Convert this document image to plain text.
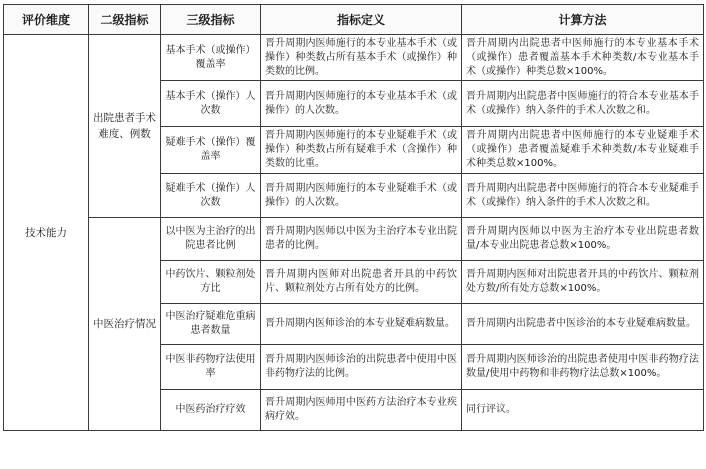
评价维度	二级指标	三级指标	指标定义	计算方法
技术能力	出院患者手术难度、例数	基本手术（或操作）覆盖率	晋升周期内医师施行的本专业基本手术（或操作）种类数占所有基本手术（或操作）种类数的比例。	晋升周期内出院患者中医师施行的本专业基本手术（或操作）患者覆盖基本手术种类数/本专业基本手术（或操作）种类总数×100%。
		基本手术（操作）人次数	晋升周期内医师施行的本专业基本手术（或操作）的人次数。	晋升周期内出院患者中医师施行的符合本专业基本手术（或操作）纳入条件的手术人次数之和。
		疑难手术（操作）覆盖率	晋升周期内医师施行的本专业疑难手术（或操作）种类数占所有疑难手术（含操作）种类数的比重。	晋升周期内出院患者中医师施行的本专业疑难手术（或操作）患者覆盖疑难手术种类数/本专业疑难手术种类总数×100%。
		疑难手术（操作）人次数	晋升周期内医师施行的本专业疑难手术（或操作）的人次数。	晋升周期内出院患者中医师施行的符合本专业疑难手术（或操作）纳入条件的手术人次数之和。
	中医治疗情况	以中医为主治疗的出院患者比例	晋升周期内医师以中医为主治疗本专业出院患者的比例。	晋升周期内医师以中医为主治疗本专业出院患者数量/本专业出院患者总数×100%。
		中药饮片、颗粒剂处方比	晋升周期内医师对出院患者开具的中药饮片、颗粒剂处方占所有处方的比例。	晋升周期内医师对出院患者开具的中药饮片、颗粒剂处方数/所有处方总数×100%。
		中医治疗疑难危重病患者数量	晋升周期内医师诊治的本专业疑难病数量。	晋升周期内出院患者中医诊治的本专业疑难病数量。
		中医非药物疗法使用率	晋升周期内医师诊治的出院患者中使用中医非药物疗法的比例。	晋升周期内医师诊治的出院患者使用中医非药物疗法数量/使用中药物和非药物疗法总数×100%。
		中医药治疗疗效	晋升周期内医师用中医药方法治疗本专业疾病疗效。	同行评议。
